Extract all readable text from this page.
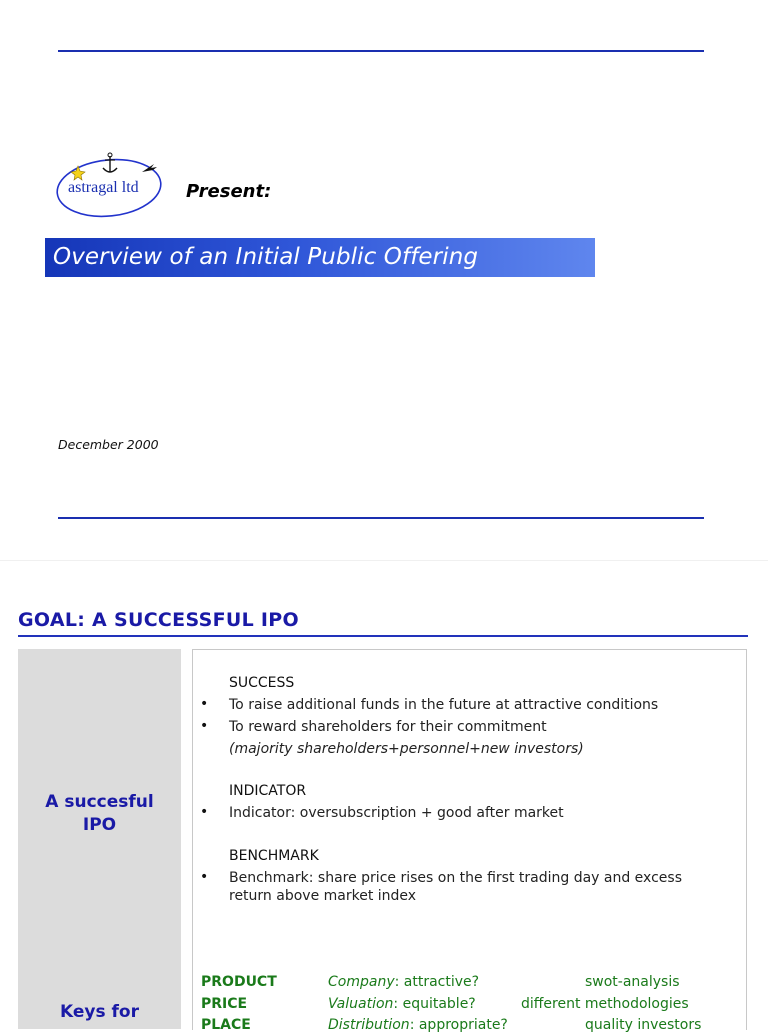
astragal ltd	Present:
Overview of an Initial Public Offering
December 2000
GOAL: A SUCCESSFUL IPO
A succesful
IPO
Keys for
SUCCESS
• To raise additional funds in the future at attractive conditions
• To reward shareholders for their commitment
(majority shareholders+personnel+new investors)
INDICATOR
• Indicator: oversubscription + good after market
BENCHMARK
• Benchmark: share price rises on the first trading day and excess return above market index
PRODUCT	Company: attractive?	swot-analysis
PRICE	Valuation: equitable?	different methodologies
PLACE	Distribution: appropriate?	quality investors
